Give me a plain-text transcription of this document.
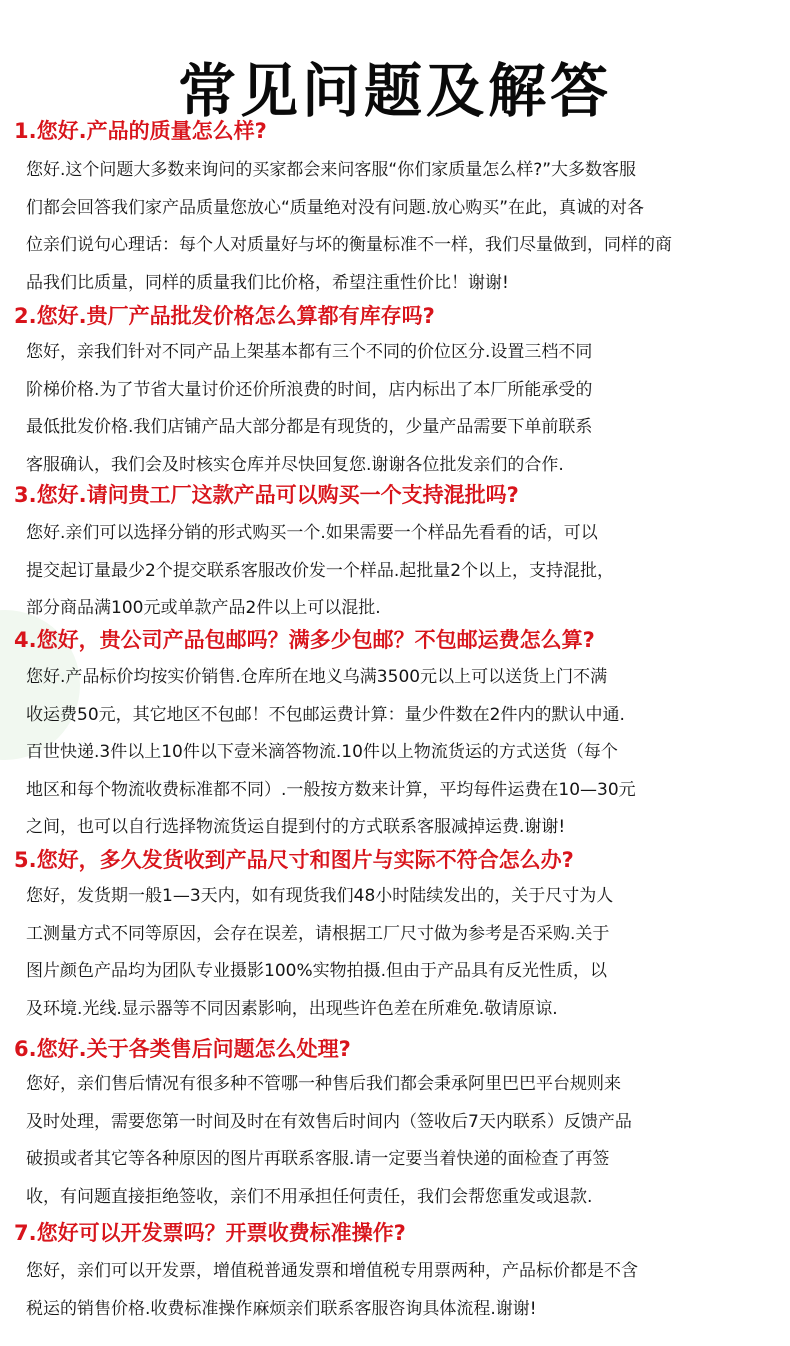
常见问题及解答
1.您好.产品的质量怎么样?
您好.这个问题大多数来询问的买家都会来问客服“你们家质量怎么样?”大多数客服
们都会回答我们家产品质量您放心“质量绝对没有问题.放心购买”在此，真诚的对各
位亲们说句心理话：每个人对质量好与坏的衡量标准不一样，我们尽量做到，同样的商
品我们比质量，同样的质量我们比价格，希望注重性价比！谢谢!
2.您好.贵厂产品批发价格怎么算都有库存吗?
您好，亲我们针对不同产品上架基本都有三个不同的价位区分.设置三档不同
阶梯价格.为了节省大量讨价还价所浪费的时间，店内标出了本厂所能承受的
最低批发价格.我们店铺产品大部分都是有现货的，少量产品需要下单前联系
客服确认，我们会及时核实仓库并尽快回复您.谢谢各位批发亲们的合作.
3.您好.请问贵工厂这款产品可以购买一个支持混批吗?
您好.亲们可以选择分销的形式购买一个.如果需要一个样品先看看的话，可以
提交起订量最少2个提交联系客服改价发一个样品.起批量2个以上，支持混批，
部分商品满100元或单款产品2件以上可以混批.
4.您好，贵公司产品包邮吗？满多少包邮？不包邮运费怎么算?
您好.产品标价均按实价销售.仓库所在地义乌满3500元以上可以送货上门不满
收运费50元，其它地区不包邮！不包邮运费计算：量少件数在2件内的默认中通.
百世快递.3件以上10件以下壹米滴答物流.10件以上物流货运的方式送货（每个
地区和每个物流收费标准都不同）.一般按方数来计算，平均每件运费在10—30元
之间，也可以自行选择物流货运自提到付的方式联系客服减掉运费.谢谢!
5.您好，多久发货收到产品尺寸和图片与实际不符合怎么办?
您好，发货期一般1—3天内，如有现货我们48小时陆续发出的，关于尺寸为人
工测量方式不同等原因，会存在误差，请根据工厂尺寸做为参考是否采购.关于
图片颜色产品均为团队专业摄影100%实物拍摄.但由于产品具有反光性质，以
及环境.光线.显示器等不同因素影响，出现些许色差在所难免.敬请原谅.
6.您好.关于各类售后问题怎么处理?
您好，亲们售后情况有很多种不管哪一种售后我们都会秉承阿里巴巴平台规则来
及时处理，需要您第一时间及时在有效售后时间内（签收后7天内联系）反馈产品
破损或者其它等各种原因的图片再联系客服.请一定要当着快递的面检查了再签
收，有问题直接拒绝签收，亲们不用承担任何责任，我们会帮您重发或退款.
7.您好可以开发票吗？开票收费标准操作?
您好，亲们可以开发票，增值税普通发票和增值税专用票两种，产品标价都是不含
税运的销售价格.收费标准操作麻烦亲们联系客服咨询具体流程.谢谢!
